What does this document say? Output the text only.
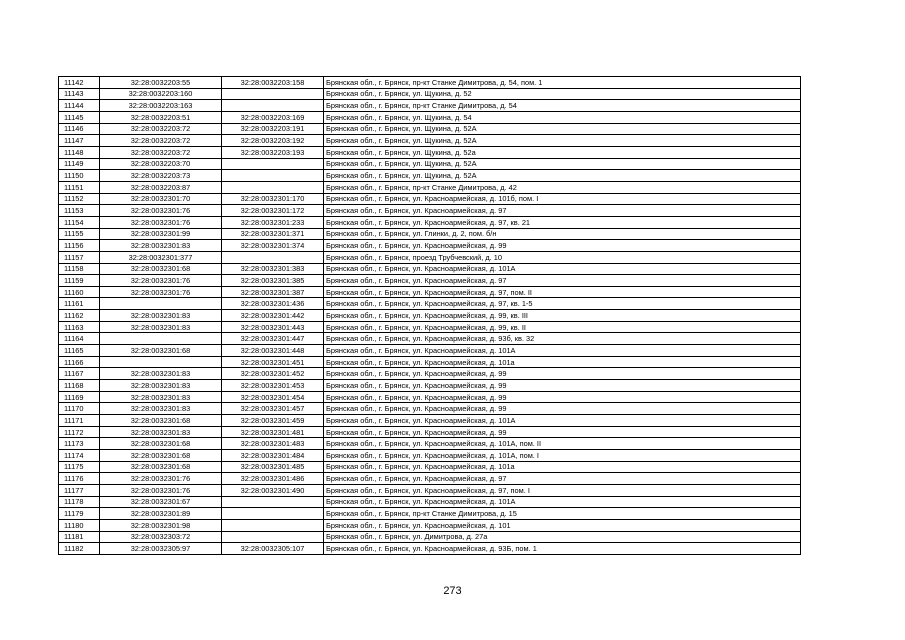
11142	32:28:0032203:55	32:28:0032203:158	Брянская обл., г. Брянск, пр-кт Станке Димитрова, д. 54, пом. 1
11143	32:28:0032203:160		Брянская обл., г. Брянск, ул. Щукина, д. 52
11144	32:28:0032203:163		Брянская обл., г. Брянск, пр-кт Станке Димитрова, д. 54
11145	32:28:0032203:51	32:28:0032203:169	Брянская обл., г. Брянск, ул. Щукина, д. 54
11146	32:28:0032203:72	32:28:0032203:191	Брянская обл., г. Брянск, ул. Щукина, д. 52А
11147	32:28:0032203:72	32:28:0032203:192	Брянская обл., г. Брянск, ул. Щукина, д. 52А
11148	32:28:0032203:72	32:28:0032203:193	Брянская обл., г. Брянск, ул. Щукина, д. 52а
11149	32:28:0032203:70		Брянская обл., г. Брянск, ул. Щукина, д. 52А
11150	32:28:0032203:73		Брянская обл., г. Брянск, ул. Щукина, д. 52А
11151	32:28:0032203:87		Брянская обл., г. Брянск, пр-кт Станке Димитрова, д. 42
11152	32:28:0032301:70	32:28:0032301:170	Брянская обл., г. Брянск, ул. Красноармейская, д. 101б, пом. I
11153	32:28:0032301:76	32:28:0032301:172	Брянская обл., г. Брянск, ул. Красноармейская, д. 97
11154	32:28:0032301:76	32:28:0032301:233	Брянская обл., г. Брянск, ул. Красноармейская, д. 97, кв. 21
11155	32:28:0032301:99	32:28:0032301:371	Брянская обл., г. Брянск, ул. Глинки, д. 2, пом. б/н
11156	32:28:0032301:83	32:28:0032301:374	Брянская обл., г. Брянск, ул. Красноармейская, д. 99
11157	32:28:0032301:377		Брянская обл., г. Брянск, проезд Трубчевский, д. 10
11158	32:28:0032301:68	32:28:0032301:383	Брянская обл., г. Брянск, ул. Красноармейская, д. 101А
11159	32:28:0032301:76	32:28:0032301:385	Брянская обл., г. Брянск, ул. Красноармейская, д. 97
11160	32:28:0032301:76	32:28:0032301:387	Брянская обл., г. Брянск, ул. Красноармейская, д. 97, пом. II
11161		32:28:0032301:436	Брянская обл., г. Брянск, ул. Красноармейская, д. 97, кв. 1-5
11162	32:28:0032301:83	32:28:0032301:442	Брянская обл., г. Брянск, ул. Красноармейская, д. 99, кв. III
11163	32:28:0032301:83	32:28:0032301:443	Брянская обл., г. Брянск, ул. Красноармейская, д. 99, кв. II
11164		32:28:0032301:447	Брянская обл., г. Брянск, ул. Красноармейская, д. 93б, кв. 32
11165	32:28:0032301:68	32:28:0032301:448	Брянская обл., г. Брянск, ул. Красноармейская, д. 101А
11166		32:28:0032301:451	Брянская обл., г. Брянск, ул. Красноармейская, д. 101а
11167	32:28:0032301:83	32:28:0032301:452	Брянская обл., г. Брянск, ул. Красноармейская, д. 99
11168	32:28:0032301:83	32:28:0032301:453	Брянская обл., г. Брянск, ул. Красноармейская, д. 99
11169	32:28:0032301:83	32:28:0032301:454	Брянская обл., г. Брянск, ул. Красноармейская, д. 99
11170	32:28:0032301:83	32:28:0032301:457	Брянская обл., г. Брянск, ул. Красноармейская, д. 99
11171	32:28:0032301:68	32:28:0032301:459	Брянская обл., г. Брянск, ул. Красноармейская, д. 101А
11172	32:28:0032301:83	32:28:0032301:481	Брянская обл., г. Брянск, ул. Красноармейская, д. 99
11173	32:28:0032301:68	32:28:0032301:483	Брянская обл., г. Брянск, ул. Красноармейская, д. 101А, пом. II
11174	32:28:0032301:68	32:28:0032301:484	Брянская обл., г. Брянск, ул. Красноармейская, д. 101А, пом. I
11175	32:28:0032301:68	32:28:0032301:485	Брянская обл., г. Брянск, ул. Красноармейская, д. 101а
11176	32:28:0032301:76	32:28:0032301:486	Брянская обл., г. Брянск, ул. Красноармейская, д. 97
11177	32:28:0032301:76	32:28:0032301:490	Брянская обл., г. Брянск, ул. Красноармейская, д. 97, пом. I
11178	32:28:0032301:67		Брянская обл., г. Брянск, ул. Красноармейская, д. 101А
11179	32:28:0032301:89		Брянская обл., г. Брянск, пр-кт Станке Димитрова, д. 15
11180	32:28:0032301:98		Брянская обл., г. Брянск, ул. Красноармейская, д. 101
11181	32:28:0032303:72		Брянская обл., г. Брянск, ул. Димитрова, д. 27а
11182	32:28:0032305:97	32:28:0032305:107	Брянская обл., г. Брянск, ул. Красноармейская, д. 93Б, пом. 1
273
